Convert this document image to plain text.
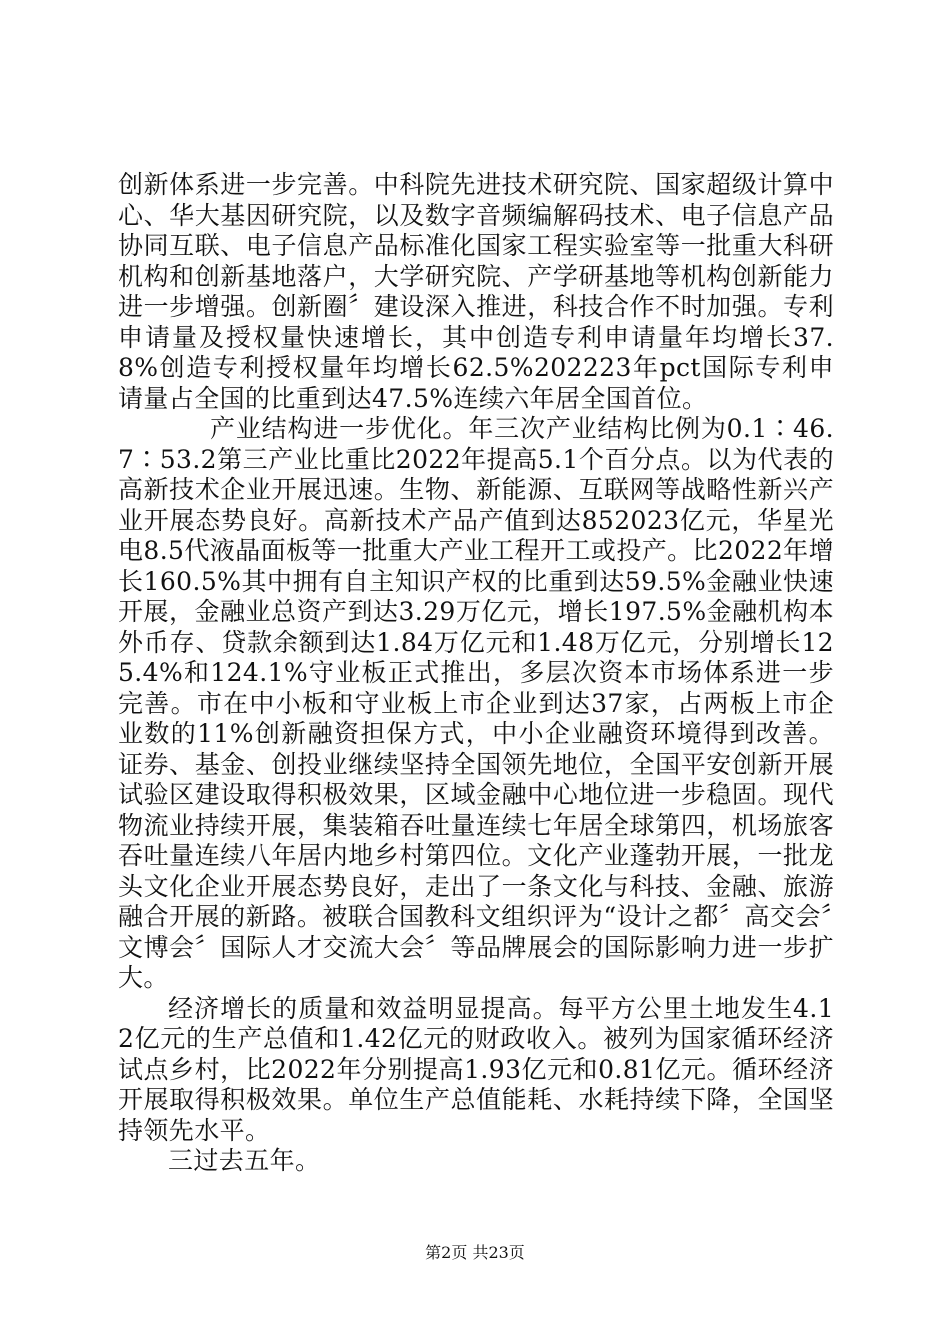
创新体系进一步完善。中科院先进技术研究院、国家超级计算中心、华大基因研究院，以及数字音频编解码技术、电子信息产品协同互联、电子信息产品标准化国家工程实验室等一批重大科研机构和创新基地落户，大学研究院、产学研基地等机构创新能力进一步增强。创新圈〞建设深入推进，科技合作不时加强。专利申请量及授权量快速增长，其中创造专利申请量年均增长37.8%创造专利授权量年均增长62.5%202223年pct国际专利申请量占全国的比重到达47.5%连续六年居全国首位。

产业结构进一步优化。年三次产业结构比例为0.1∶46.7∶53.2第三产业比重比2022年提高5.1个百分点。以为代表的高新技术企业开展迅速。生物、新能源、互联网等战略性新兴产业开展态势良好。高新技术产品产值到达852023亿元，华星光电8.5代液晶面板等一批重大产业工程开工或投产。比2022年增长160.5%其中拥有自主知识产权的比重到达59.5%金融业快速开展，金融业总资产到达3.29万亿元，增长197.5%金融机构本外币存、贷款余额到达1.84万亿元和1.48万亿元，分别增长125.4%和124.1%守业板正式推出，多层次资本市场体系进一步完善。市在中小板和守业板上市企业到达37家，占两板上市企业数的11%创新融资担保方式，中小企业融资环境得到改善。证券、基金、创投业继续坚持全国领先地位，全国平安创新开展试验区建设取得积极效果，区域金融中心地位进一步稳固。现代物流业持续开展，集装箱吞吐量连续七年居全球第四，机场旅客吞吐量连续八年居内地乡村第四位。文化产业蓬勃开展，一批龙头文化企业开展态势良好，走出了一条文化与科技、金融、旅游融合开展的新路。被联合国教科文组织评为“设计之都〞高交会〞文博会〞国际人才交流大会〞等品牌展会的国际影响力进一步扩大。

经济增长的质量和效益明显提高。每平方公里土地发生4.12亿元的生产总值和1.42亿元的财政收入。被列为国家循环经济试点乡村，比2022年分别提高1.93亿元和0.81亿元。循环经济开展取得积极效果。单位生产总值能耗、水耗持续下降，全国坚持领先水平。

三过去五年。

第2页 共23页
